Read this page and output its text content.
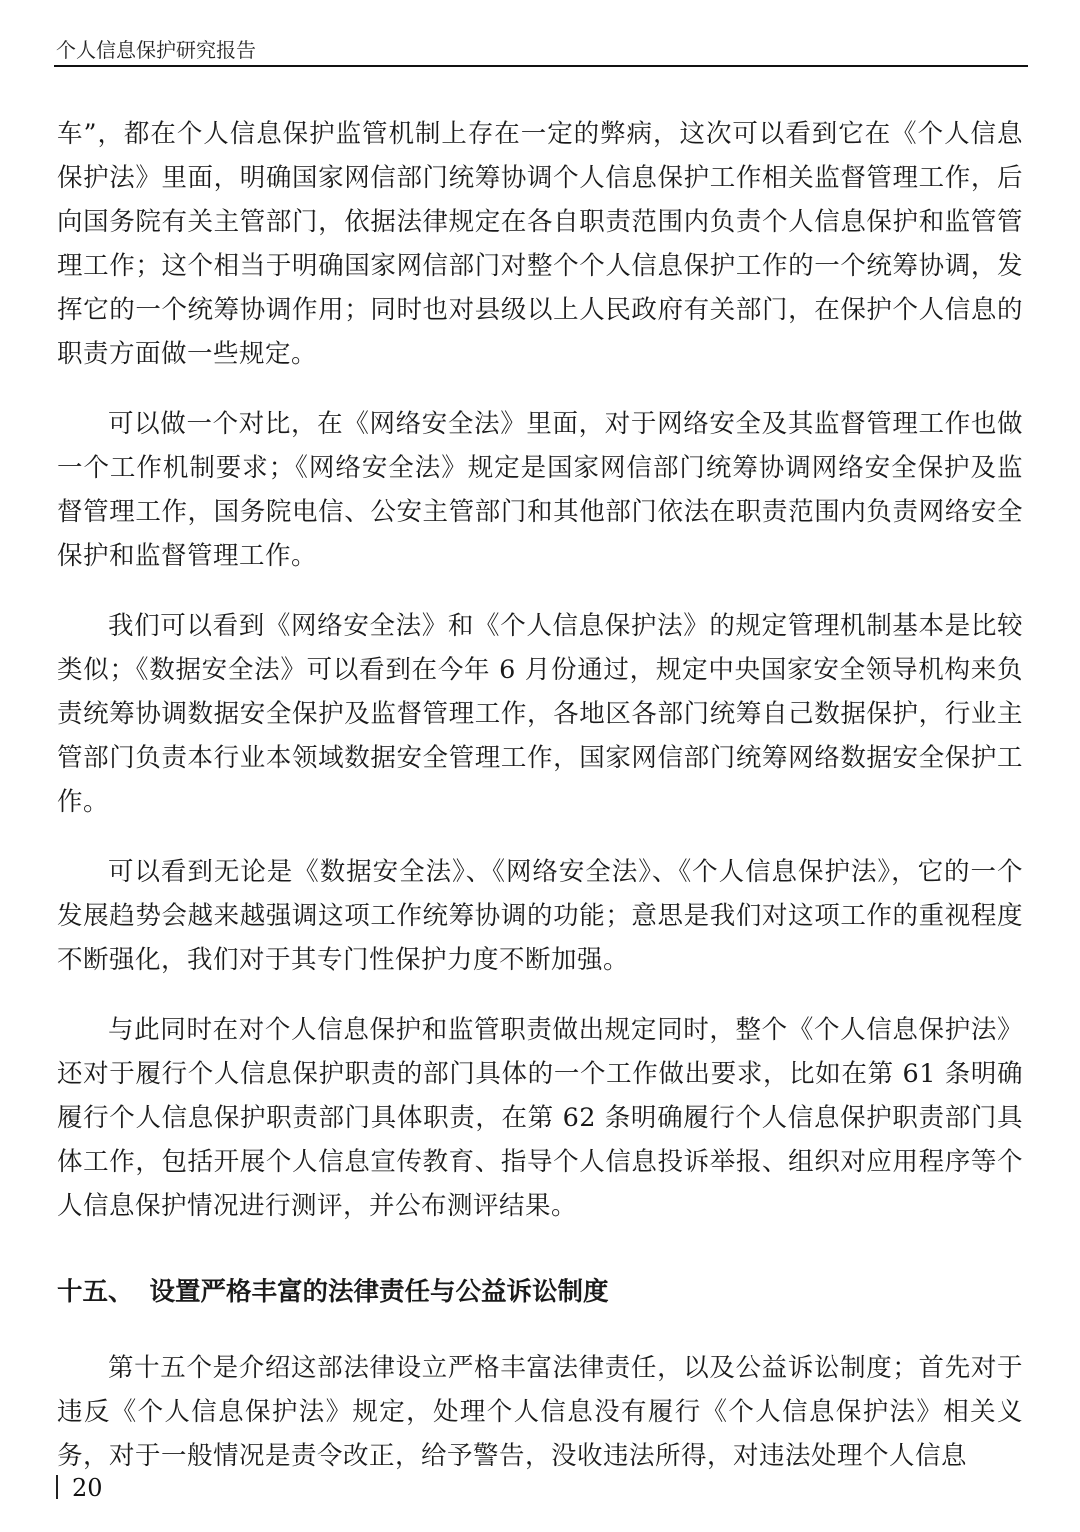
个人信息保护研究报告

车”，都在个人信息保护监管机制上存在一定的弊病，这次可以看到它在《个人信息保护法》里面，明确国家网信部门统筹协调个人信息保护工作相关监督管理工作，后向国务院有关主管部门，依据法律规定在各自职责范围内负责个人信息保护和监管管理工作；这个相当于明确国家网信部门对整个个人信息保护工作的一个统筹协调，发挥它的一个统筹协调作用；同时也对县级以上人民政府有关部门，在保护个人信息的职责方面做一些规定。

可以做一个对比，在《网络安全法》里面，对于网络安全及其监督管理工作也做一个工作机制要求；《网络安全法》规定是国家网信部门统筹协调网络安全保护及监督管理工作，国务院电信、公安主管部门和其他部门依法在职责范围内负责网络安全保护和监督管理工作。

我们可以看到《网络安全法》和《个人信息保护法》的规定管理机制基本是比较类似；《数据安全法》可以看到在今年 6 月份通过，规定中央国家安全领导机构来负责统筹协调数据安全保护及监督管理工作，各地区各部门统筹自己数据保护，行业主管部门负责本行业本领域数据安全管理工作，国家网信部门统筹网络数据安全保护工作。

可以看到无论是《数据安全法》、《网络安全法》、《个人信息保护法》，它的一个发展趋势会越来越强调这项工作统筹协调的功能；意思是我们对这项工作的重视程度不断强化，我们对于其专门性保护力度不断加强。

与此同时在对个人信息保护和监管职责做出规定同时，整个《个人信息保护法》还对于履行个人信息保护职责的部门具体的一个工作做出要求，比如在第 61 条明确履行个人信息保护职责部门具体职责，在第 62 条明确履行个人信息保护职责部门具体工作，包括开展个人信息宣传教育、指导个人信息投诉举报、组织对应用程序等个人信息保护情况进行测评，并公布测评结果。

十五、 设置严格丰富的法律责任与公益诉讼制度

第十五个是介绍这部法律设立严格丰富法律责任，以及公益诉讼制度；首先对于违反《个人信息保护法》规定，处理个人信息没有履行《个人信息保护法》相关义务，对于一般情况是责令改正，给予警告，没收违法所得，对违法处理个人信息

20
